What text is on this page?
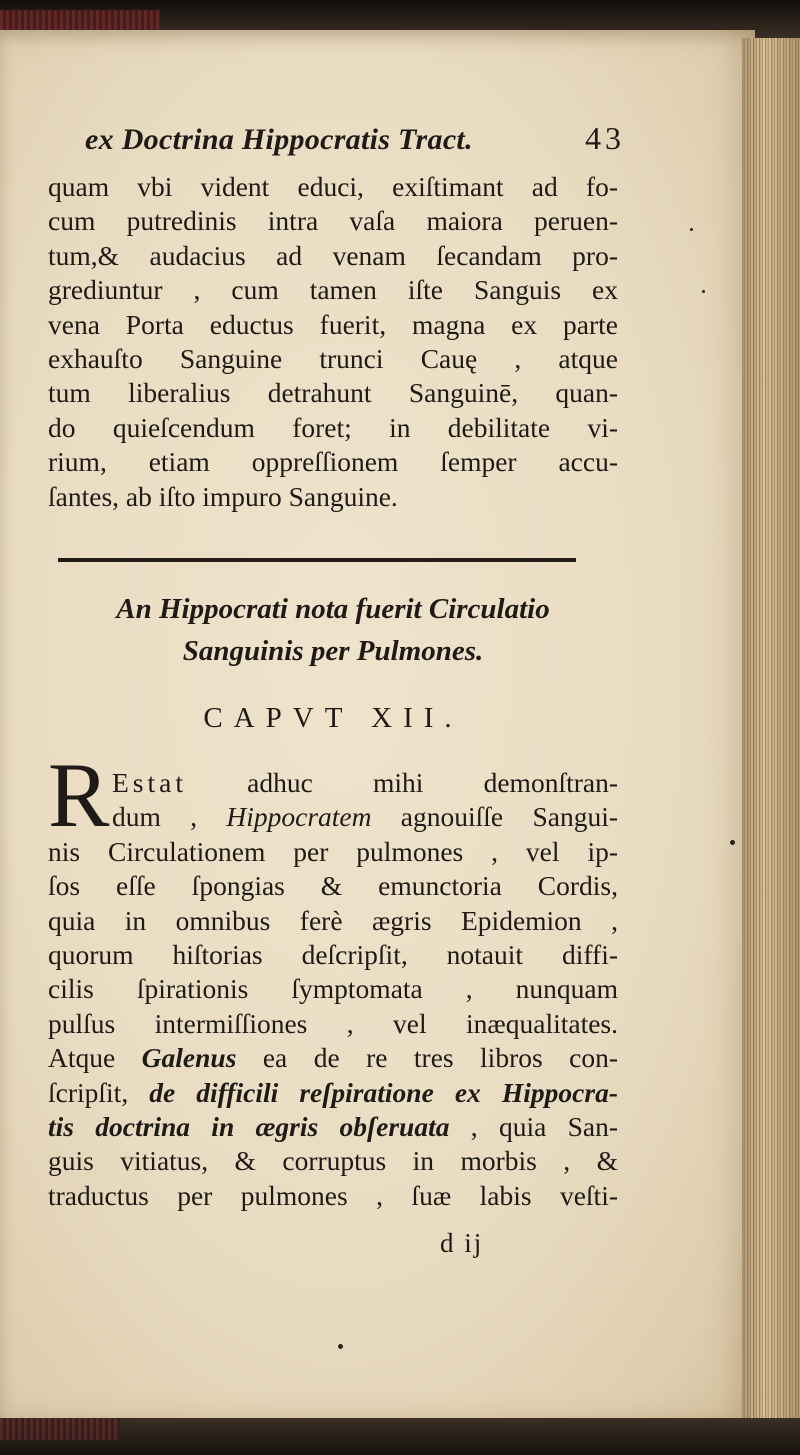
ex Doctrina Hippocratis Tract.	43
quam vbi vident educi, exiſtimant ad fo-
cum putredinis intra vaſa maiora peruen-
tum,& audacius ad venam ſecandam pro-
grediuntur , cum tamen iſte Sanguis ex
vena Porta eductus fuerit, magna ex parte
exhauſto Sanguine trunci Cauę , atque
tum liberalius detrahunt Sanguinē, quan-
do quieſcendum foret; in debilitate vi-
rium, etiam oppreſſionem ſemper accu-
ſantes, ab iſto impuro Sanguine.
An Hippocrati nota fuerit Circulatio
Sanguinis per Pulmones.
CAPVT XII.
R Estat adhuc mihi demonſtran-
dum , Hippocratem agnouiſſe Sangui-
nis Circulationem per pulmones , vel ip-
ſos eſſe ſpongias & emunctoria Cordis,
quia in omnibus ferè ægris Epidemion ,
quorum hiſtorias deſcripſit, notauit diffi-
cilis ſpirationis ſymptomata , nunquam
pulſus intermiſſiones , vel inæqualitates.
Atque Galenus ea de re tres libros con-
ſcripſit, de difficili reſpiratione ex Hippocra-
tis doctrina in ægris obſeruata , quia San-
guis vitiatus, & corruptus in morbis , &
traductus per pulmones , ſuæ labis veſti-
d ij
